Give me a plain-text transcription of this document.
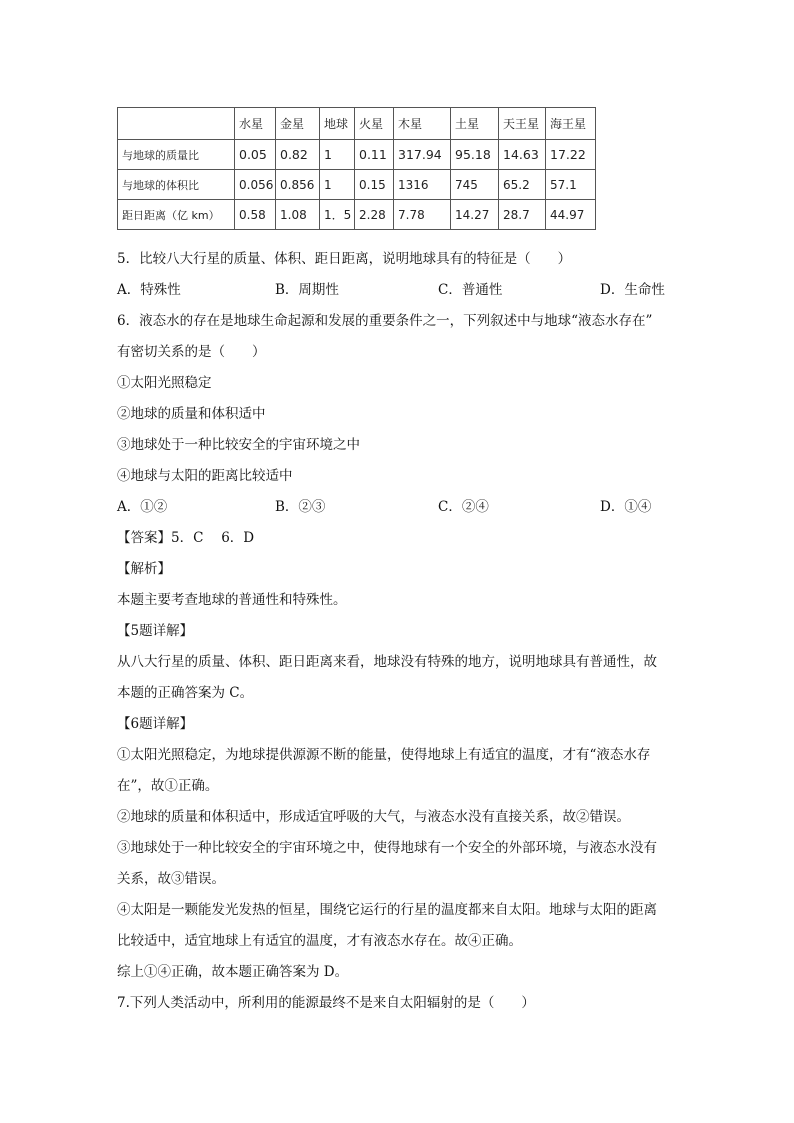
	水星	金星	地球	火星	木星	土星	天王星	海王星
与地球的质量比	0.05	0.82	1	0.11	317.94	95.18	14.63	17.22
与地球的体积比	0.056	0.856	1	0.15	1316	745	65.2	57.1
距日距离（亿 km）	0.58	1.08	1．5	2.28	7.78	14.27	28.7	44.97
5．比较八大行星的质量、体积、距日距离，说明地球具有的特征是（　　）
A．特殊性	B．周期性	C．普通性	D．生命性
6．液态水的存在是地球生命起源和发展的重要条件之一，下列叙述中与地球“液态水存在”
有密切关系的是（　　）
①太阳光照稳定
②地球的质量和体积适中
③地球处于一种比较安全的宇宙环境之中
④地球与太阳的距离比较适中
A．①②	B．②③	C．②④	D．①④
【答案】5．C　 6．D
【解析】
本题主要考查地球的普通性和特殊性。
【5题详解】
从八大行星的质量、体积、距日距离来看，地球没有特殊的地方，说明地球具有普通性，故
本题的正确答案为 C。
【6题详解】
①太阳光照稳定，为地球提供源源不断的能量，使得地球上有适宜的温度，才有“液态水存
在”，故①正确。
②地球的质量和体积适中，形成适宜呼吸的大气，与液态水没有直接关系，故②错误。
③地球处于一种比较安全的宇宙环境之中，使得地球有一个安全的外部环境，与液态水没有
关系，故③错误。
④太阳是一颗能发光发热的恒星，围绕它运行的行星的温度都来自太阳。地球与太阳的距离
比较适中，适宜地球上有适宜的温度，才有液态水存在。故④正确。
综上①④正确，故本题正确答案为 D。
7.下列人类活动中，所利用的能源最终不是来自太阳辐射的是（　　）
